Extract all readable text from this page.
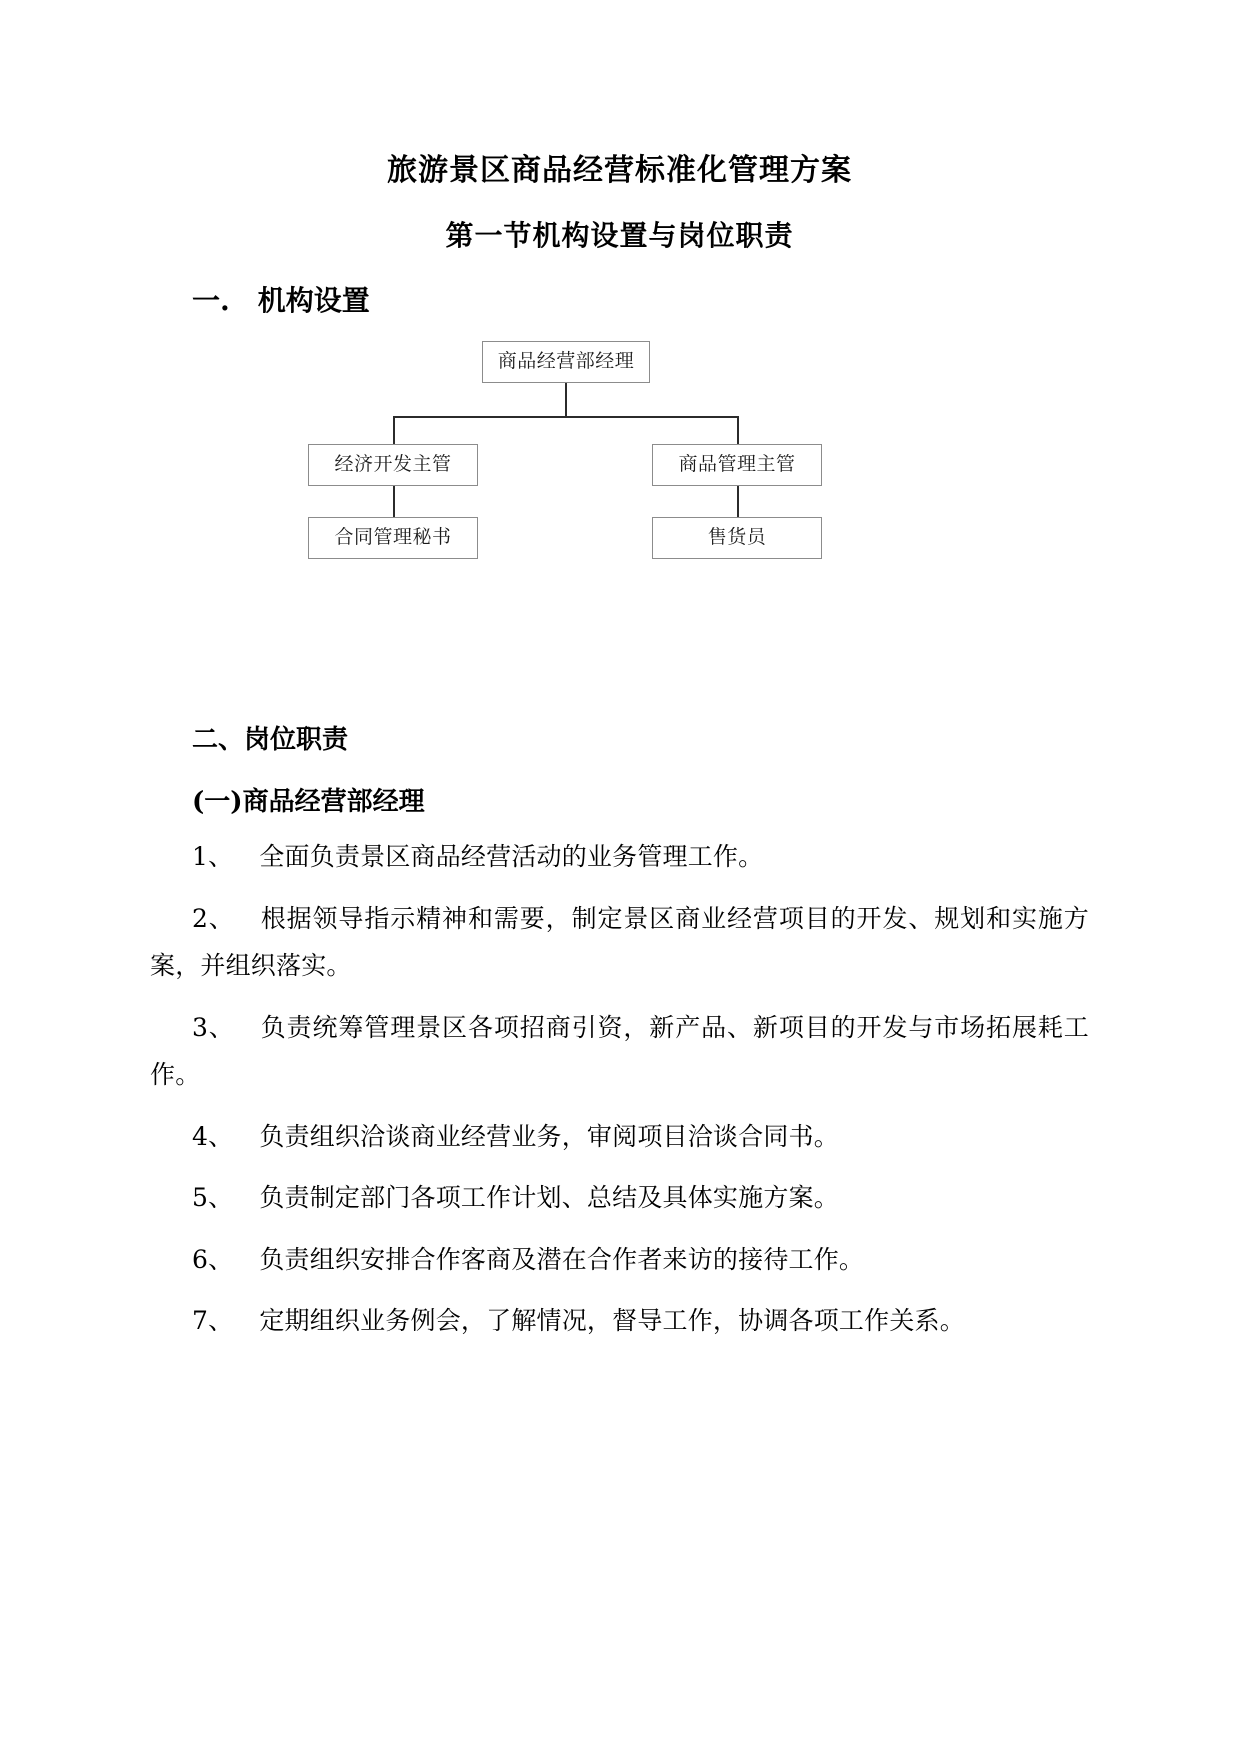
旅游景区商品经营标准化管理方案
第一节机构设置与岗位职责
一. 机构设置
商品经营部经理
经济开发主管	商品管理主管
合同管理秘书	售货员
二、岗位职责
(一)商品经营部经理
1、 全面负责景区商品经营活动的业务管理工作。
2、 根据领导指示精神和需要，制定景区商业经营项目的开发、规划和实施方案，并组织落实。
3、 负责统筹管理景区各项招商引资，新产品、新项目的开发与市场拓展耗工作。
4、 负责组织洽谈商业经营业务，审阅项目洽谈合同书。
5、 负责制定部门各项工作计划、总结及具体实施方案。
6、 负责组织安排合作客商及潜在合作者来访的接待工作。
7、 定期组织业务例会，了解情况，督导工作，协调各项工作关系。
